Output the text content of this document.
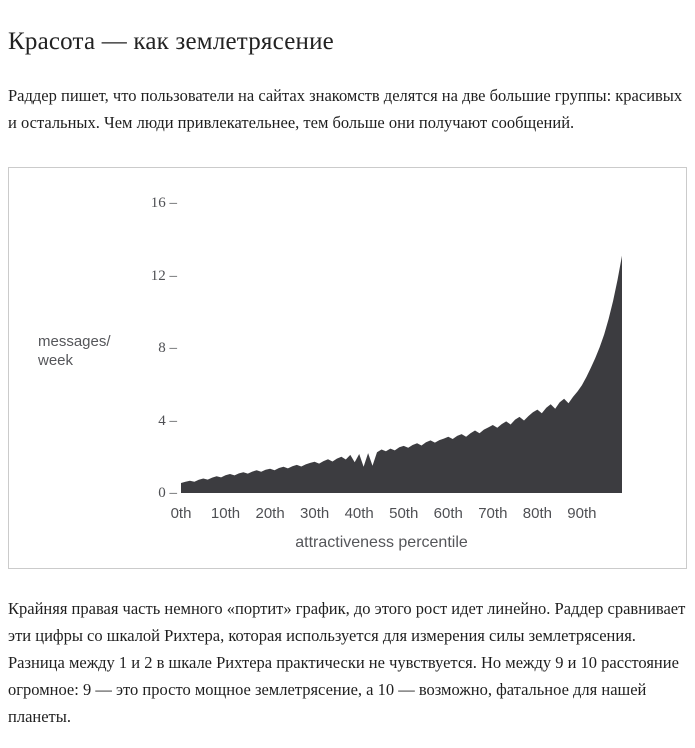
Красота — как землетрясение

Раддер пишет, что пользователи на сайтах знакомств делятся на две большие группы: красивых и остальных. Чем люди привлекательнее, тем больше они получают сообщений.

messages/
week
16 –
12 –
8 –
4 –
0 –
0th 10th 20th 30th 40th 50th 60th 70th 80th 90th
attractiveness percentile

Крайняя правая часть немного «портит» график, до этого рост идет линейно. Раддер сравнивает эти цифры со шкалой Рихтера, которая используется для измерения силы землетрясения. Разница между 1 и 2 в шкале Рихтера практически не чувствуется. Но между 9 и 10 расстояние огромное: 9 — это просто мощное землетрясение, а 10 — возможно, фатальное для нашей планеты.
